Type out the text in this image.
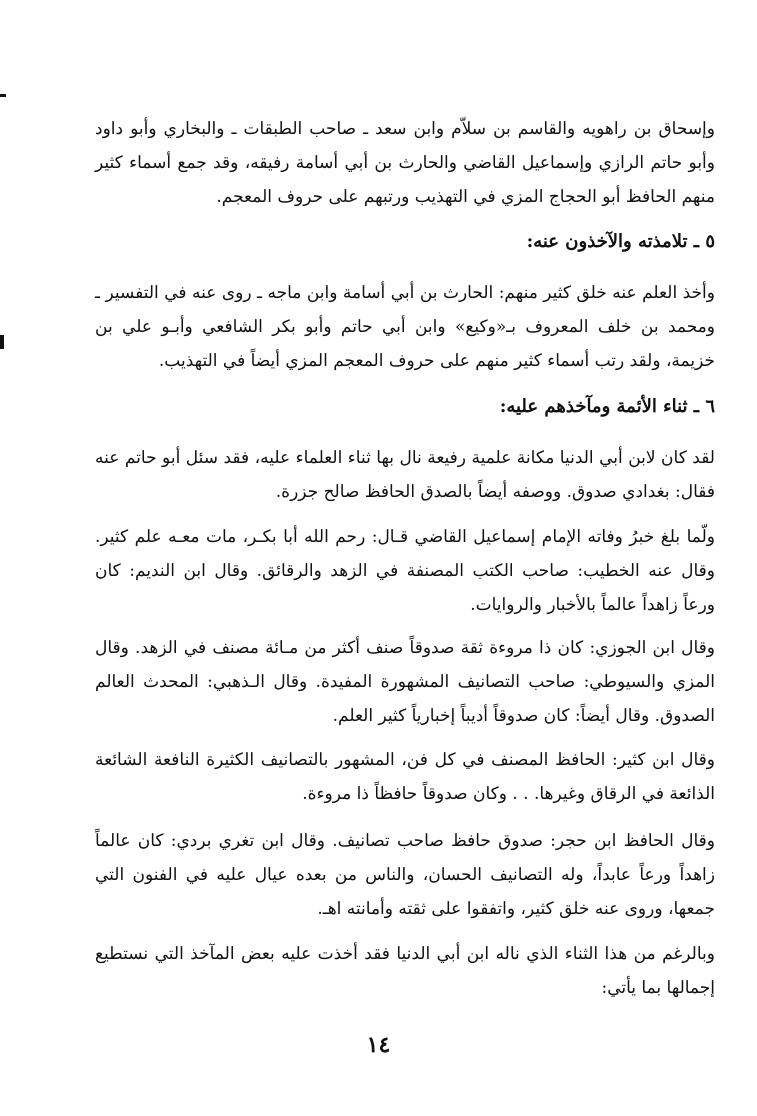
وإسحاق بن راهويه والقاسم بن سلاّم وابن سعد ـ صاحب الطبقات ـ والبخاري وأبو داود وأبو حاتم الرازي وإسماعيل القاضي والحارث بن أبي أسامة رفيقه، وقد جمع أسماء كثير منهم الحافظ أبو الحجاج المزي في التهذيب ورتبهم على حروف المعجم.

٥ ـ تلامذته والآخذون عنه:

وأخذ العلم عنه خلق كثير منهم: الحارث بن أبي أسامة وابن ماجه ـ روى عنه في التفسير ـ ومحمد بن خلف المعروف بـ«وكيع» وابن أبي حاتم وأبو بكر الشافعي وأبـو علي بن خزيمة، ولقد رتب أسماء كثير منهم على حروف المعجم المزي أيضاً في التهذيب.

٦ ـ ثناء الأئمة ومآخذهم عليه:

لقد كان لابن أبي الدنيا مكانة علمية رفيعة نال بها ثناء العلماء عليه، فقد سئل أبو حاتم عنه فقال: بغدادي صدوق. ووصفه أيضاً بالصدق الحافظ صالح جزرة.

ولّما بلغ خبرُ وفاته الإمام إسماعيل القاضي قـال: رحم الله أبا بكـر، مات معـه علم كثير. وقال عنه الخطيب: صاحب الكتب المصنفة في الزهد والرقائق. وقال ابن النديم: كان ورعاً زاهداً عالماً بالأخبار والروايات.

وقال ابن الجوزي: كان ذا مروءة ثقة صدوقاً صنف أكثر من مـائة مصنف في الزهد. وقال المزي والسيوطي: صاحب التصانيف المشهورة المفيدة. وقال الـذهبي: المحدث العالم الصدوق. وقال أيضاً: كان صدوقاً أديباً إخبارياً كثير العلم.

وقال ابن كثير: الحافظ المصنف في كل فن، المشهور بالتصانيف الكثيرة النافعة الشائعة الذائعة في الرقاق وغيرها. . . وكان صدوقاً حافظاً ذا مروءة.

وقال الحافظ ابن حجر: صدوق حافظ صاحب تصانيف. وقال ابن تغري بردي: كان عالماً زاهداً ورعاً عابداً، وله التصانيف الحسان، والناس من بعده عيال عليه في الفنون التي جمعها، وروى عنه خلق كثير، واتفقوا على ثقته وأمانته اهـ.

وبالرغم من هذا الثناء الذي ناله ابن أبي الدنيا فقد أخذت عليه بعض المآخذ التي نستطيع إجمالها بما يأتي:

١٤
